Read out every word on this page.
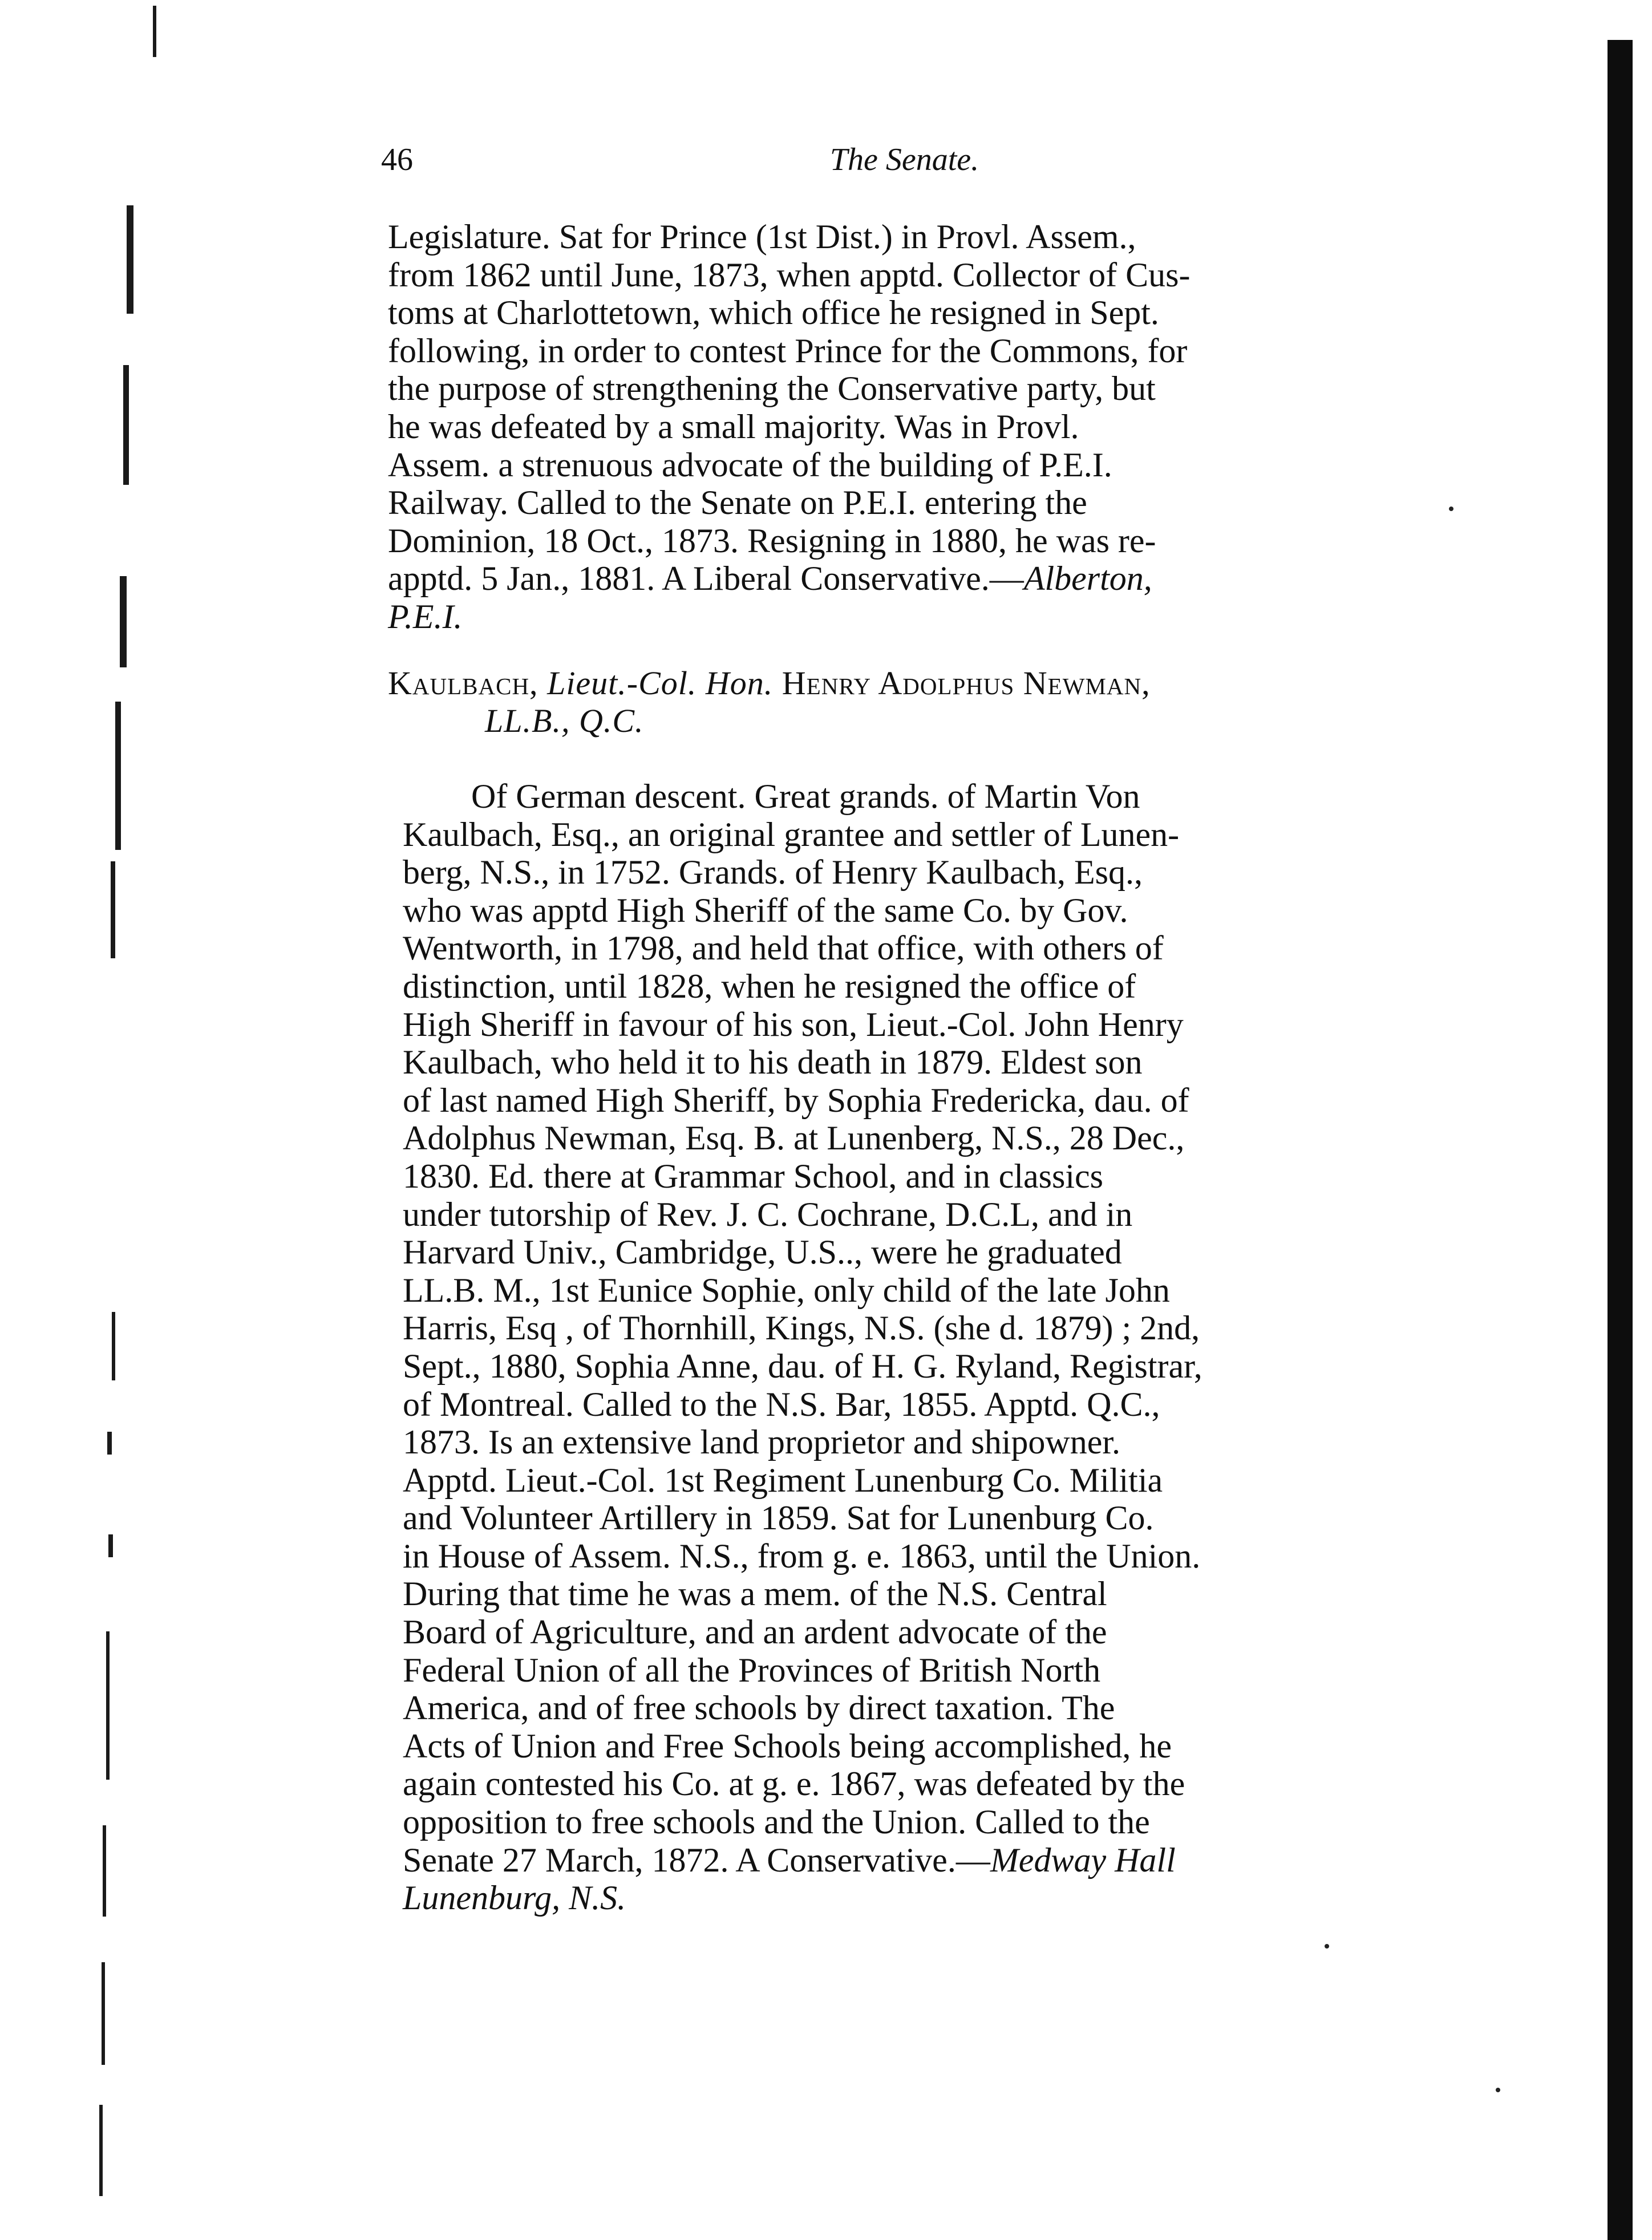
46	The Senate.
Legislature. Sat for Prince (1st Dist.) in Provl. Assem.,
from 1862 until June, 1873, when apptd. Collector of Cus-
toms at Charlottetown, which office he resigned in Sept.
following, in order to contest Prince for the Commons, for
the purpose of strengthening the Conservative party, but
he was defeated by a small majority. Was in Provl.
Assem. a strenuous advocate of the building of P.E.I.
Railway. Called to the Senate on P.E.I. entering the
Dominion, 18 Oct., 1873. Resigning in 1880, he was re-
apptd. 5 Jan., 1881. A Liberal Conservative.—Alberton,
P.E.I.
Kaulbach, Lieut.-Col. Hon. Henry Adolphus Newman,
LL.B., Q.C.
Of German descent. Great grands. of Martin Von
Kaulbach, Esq., an original grantee and settler of Lunen-
berg, N.S., in 1752. Grands. of Henry Kaulbach, Esq.,
who was apptd High Sheriff of the same Co. by Gov.
Wentworth, in 1798, and held that office, with others of
distinction, until 1828, when he resigned the office of
High Sheriff in favour of his son, Lieut.-Col. John Henry
Kaulbach, who held it to his death in 1879. Eldest son
of last named High Sheriff, by Sophia Fredericka, dau. of
Adolphus Newman, Esq. B. at Lunenberg, N.S., 28 Dec.,
1830. Ed. there at Grammar School, and in classics
under tutorship of Rev. J. C. Cochrane, D.C.L, and in
Harvard Univ., Cambridge, U.S.., were he graduated
LL.B. M., 1st Eunice Sophie, only child of the late John
Harris, Esq , of Thornhill, Kings, N.S. (she d. 1879) ; 2nd,
Sept., 1880, Sophia Anne, dau. of H. G. Ryland, Registrar,
of Montreal. Called to the N.S. Bar, 1855. Apptd. Q.C.,
1873. Is an extensive land proprietor and shipowner.
Apptd. Lieut.-Col. 1st Regiment Lunenburg Co. Militia
and Volunteer Artillery in 1859. Sat for Lunenburg Co.
in House of Assem. N.S., from g. e. 1863, until the Union.
During that time he was a mem. of the N.S. Central
Board of Agriculture, and an ardent advocate of the
Federal Union of all the Provinces of British North
America, and of free schools by direct taxation. The
Acts of Union and Free Schools being accomplished, he
again contested his Co. at g. e. 1867, was defeated by the
opposition to free schools and the Union. Called to the
Senate 27 March, 1872. A Conservative.—Medway Hall
Lunenburg, N.S.
